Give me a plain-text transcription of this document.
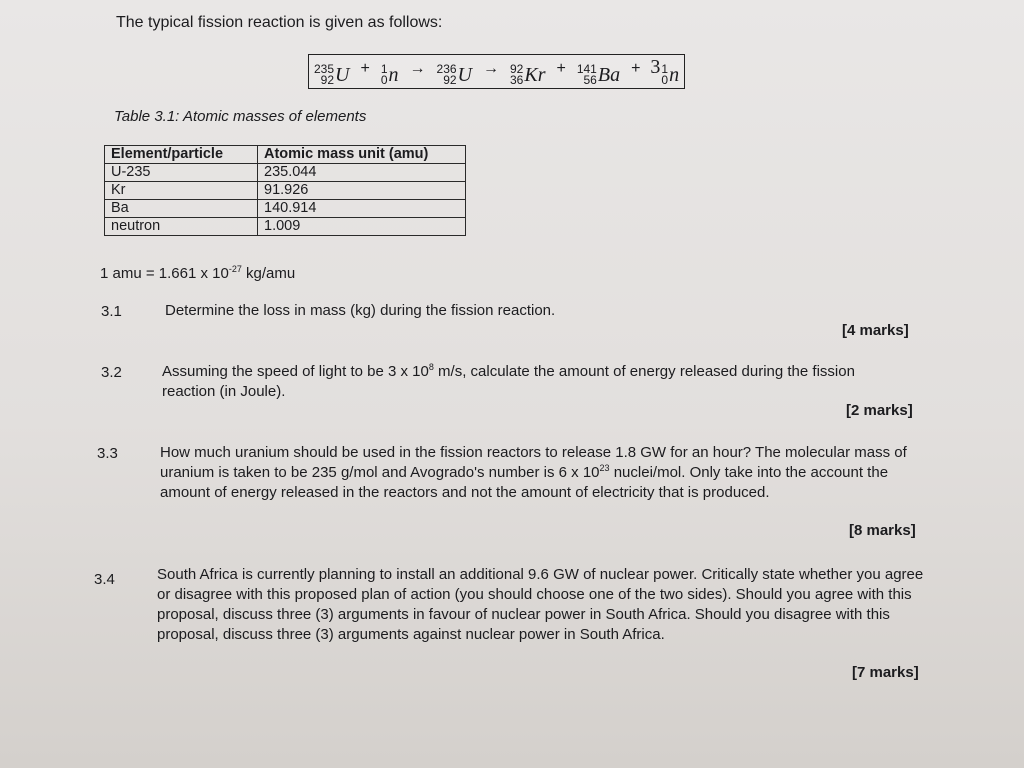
The typical fission reaction is given as follows:
235
92 U + 1
0 n → 236
92 U → 92
36 Kr + 141
56 Ba + 3 1
0 n
Table 3.1: Atomic masses of elements
Element/particle	Atomic mass unit (amu)
U-235	235.044
Kr	91.926
Ba	140.914
neutron	1.009
1 amu = 1.661 x $10^{-27}$ kg/amu
3.1	Determine the loss in mass (kg) during the fission reaction.
[4 marks]
3.2	Assuming the speed of light to be 3 x $10^8$ m/s, calculate the amount of energy released during the fission reaction (in Joule).
[2 marks]
3.3	How much uranium should be used in the fission reactors to release 1.8 GW for an hour? The molecular mass of uranium is taken to be 235 g/mol and Avogrado's number is 6 x $10^{23}$ nuclei/mol. Only take into the account the amount of energy released in the reactors and not the amount of electricity that is produced.
[8 marks]
3.4	South Africa is currently planning to install an additional 9.6 GW of nuclear power. Critically state whether you agree or disagree with this proposed plan of action (you should choose one of the two sides). Should you agree with this proposal, discuss three (3) arguments in favour of nuclear power in South Africa. Should you disagree with this proposal, discuss three (3) arguments against nuclear power in South Africa.
[7 marks]
